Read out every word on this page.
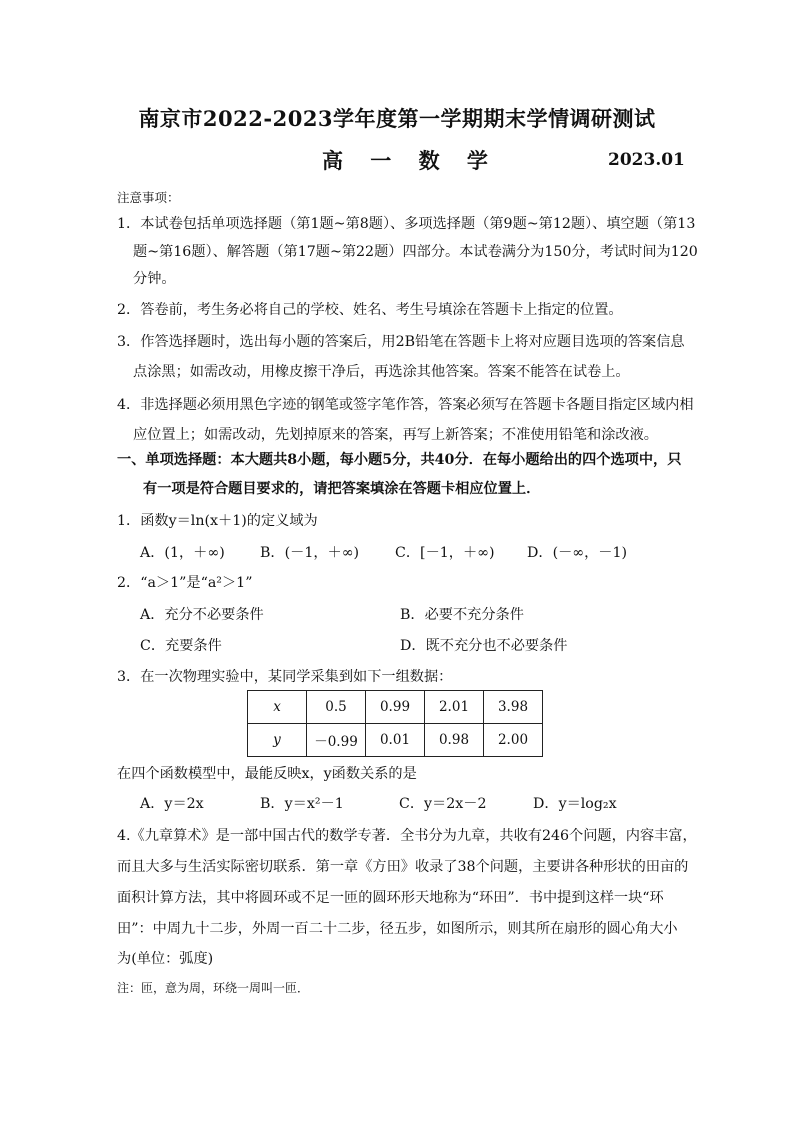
南京市2022-2023学年度第一学期期末学情调研测试
高 一 数 学	2023.01
注意事项：
1．本试卷包括单项选择题（第1题~第8题）、多项选择题（第9题~第12题）、填空题（第13
题~第16题）、解答题（第17题~第22题）四部分。本试卷满分为150分，考试时间为120
分钟。
2．答卷前，考生务必将自己的学校、姓名、考生号填涂在答题卡上指定的位置。
3．作答选择题时，选出每小题的答案后，用2B铅笔在答题卡上将对应题目选项的答案信息
点涂黑；如需改动，用橡皮擦干净后，再选涂其他答案。答案不能答在试卷上。
4．非选择题必须用黑色字迹的钢笔或签字笔作答，答案必须写在答题卡各题目指定区域内相
应位置上；如需改动，先划掉原来的答案，再写上新答案；不准使用铅笔和涂改液。
一、单项选择题：本大题共8小题，每小题5分，共40分．在每小题给出的四个选项中，只
有一项是符合题目要求的，请把答案填涂在答题卡相应位置上．
1．函数y＝ln(x＋1)的定义域为
A．(1，＋∞) B．(－1，＋∞)	C．[－1，＋∞) D．(－∞，－1)
2．“a＞1”是“a²＞1”
A．充分不必要条件	B．必要不充分条件
C．充要条件	D．既不充分也不必要条件
3．在一次物理实验中，某同学采集到如下一组数据：
x	0.5	0.99	2.01	3.98
y	－0.99	0.01	0.98	2.00
在四个函数模型中，最能反映x，y函数关系的是
A．y＝2x	B．y＝x²－1	C．y＝2x－2	D．y＝log₂x
4.《九章算术》是一部中国古代的数学专著．全书分为九章，共收有246个问题，内容丰富，
而且大多与生活实际密切联系．第一章《方田》收录了38个问题，主要讲各种形状的田亩的
面积计算方法，其中将圆环或不足一匝的圆环形天地称为“环田”．书中提到这样一块“环
田”：中周九十二步，外周一百二十二步，径五步，如图所示，则其所在扇形的圆心角大小
为(单位：弧度)
注：匝，意为周，环绕一周叫一匝．
